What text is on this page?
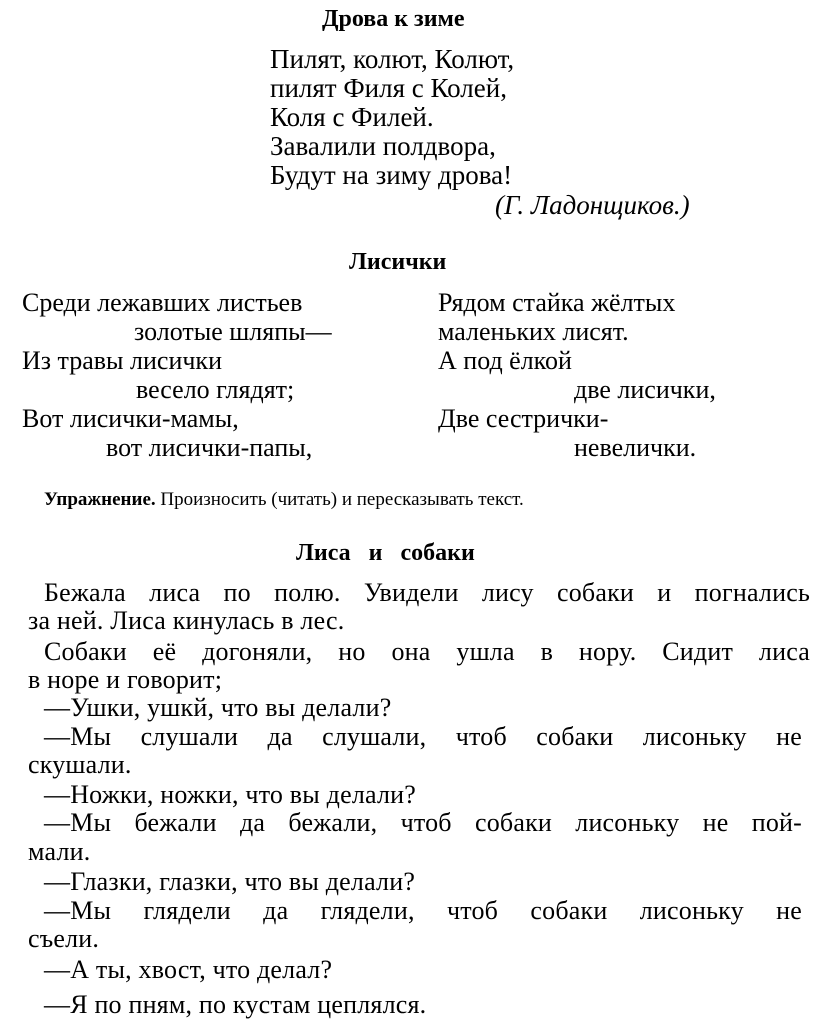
Дрова к зиме
Пилят, колют, Колют,
пилят Филя с Колей,
Коля с Филей.
Завалили полдвора,
Будут на зиму дрова!
(Г. Ладонщиков.)
Лисички
Среди лежавших листьев
золотые шляпы—
Из травы лисички
весело глядят;
Вот лисички-мамы,
вот лисички-папы,
Рядом стайка жёлтых
маленьких лисят.
А под ёлкой
две лисички,
Две сестрички-
невелички.
Упражнение. Произносить (читать) и пересказывать текст.
Лиса   и   собаки
Бежала лиса по полю. Увидели лису собаки и погнались
за ней. Лиса кинулась в лес.
Собаки её догоняли, но она ушла в нору. Сидит лиса
в норе и говорит;
—Ушки, ушкй, что вы делали?
—Мы слушали да слушали, чтоб собаки лисоньку не
скушали.
—Ножки, ножки, что вы делали?
—Мы бежали да бежали, чтоб собаки лисоньку не пой-
мали.
—Глазки, глазки, что вы делали?
—Мы глядели да глядели, чтоб собаки лисоньку не
съели.
—А ты, хвост, что делал?
—Я по пням, по кустам цеплялся.
